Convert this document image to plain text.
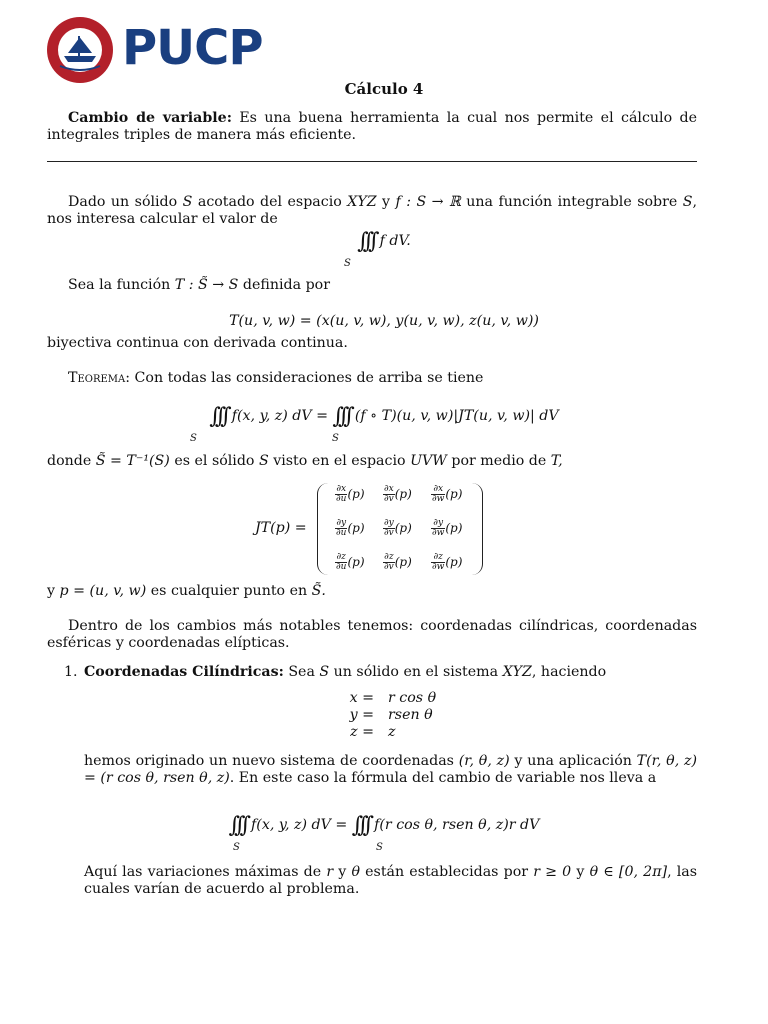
PUCP
Cálculo 4
Cambio de variable: Es una buena herramienta la cual nos permite el cálculo de integrales triples de manera más eficiente.
Dado un sólido S acotado del espacio XYZ y f : S → ℝ una función integrable sobre S, nos interesa calcular el valor de
∫∫∫ f dV.
S
Sea la función T : S̃ → S definida por
T(u, v, w) = (x(u, v, w), y(u, v, w), z(u, v, w))
biyectiva continua con derivada continua.
Teorema: Con todas las consideraciones de arriba se tiene
∫∫∫ f(x, y, z) dV = ∫∫∫ (f ∘ T)(u, v, w)|JT(u, v, w)| dV
S	S
donde S̃ = T⁻¹(S) es el sólido S visto en el espacio UVW por medio de T,
JT(p) =
$\frac{\partial x}{\partial u} (p) \frac{\partial x}{\partial v} (p) \frac{\partial x}{\partial w} (p)$
$\frac{\partial y}{\partial u} (p) \frac{\partial y}{\partial v} (p) \frac{\partial y}{\partial w} (p)$
$\frac{\partial z}{\partial u} (p) \frac{\partial z}{\partial v} (p) \frac{\partial z}{\partial w} (p)$
y p = (u, v, w) es cualquier punto en S̃.
Dentro de los cambios más notables tenemos: coordenadas cilíndricas, coordenadas esféricas y coordenadas elípticas.
1. Coordenadas Cilíndricas: Sea S un sólido en el sistema XYZ, haciendo
x = r cos θ
y = rsen θ
z = z
hemos originado un nuevo sistema de coordenadas (r, θ, z) y una aplicación T(r, θ, z) = (r cos θ, rsen θ, z). En este caso la fórmula del cambio de variable nos lleva a
∫∫∫ f(x, y, z) dV = ∫∫∫ f(r cos θ, rsen θ, z)r dV
S	S
Aquí las variaciones máximas de r y θ están establecidas por r ≥ 0 y θ ∈ [0, 2π], las cuales varían de acuerdo al problema.
